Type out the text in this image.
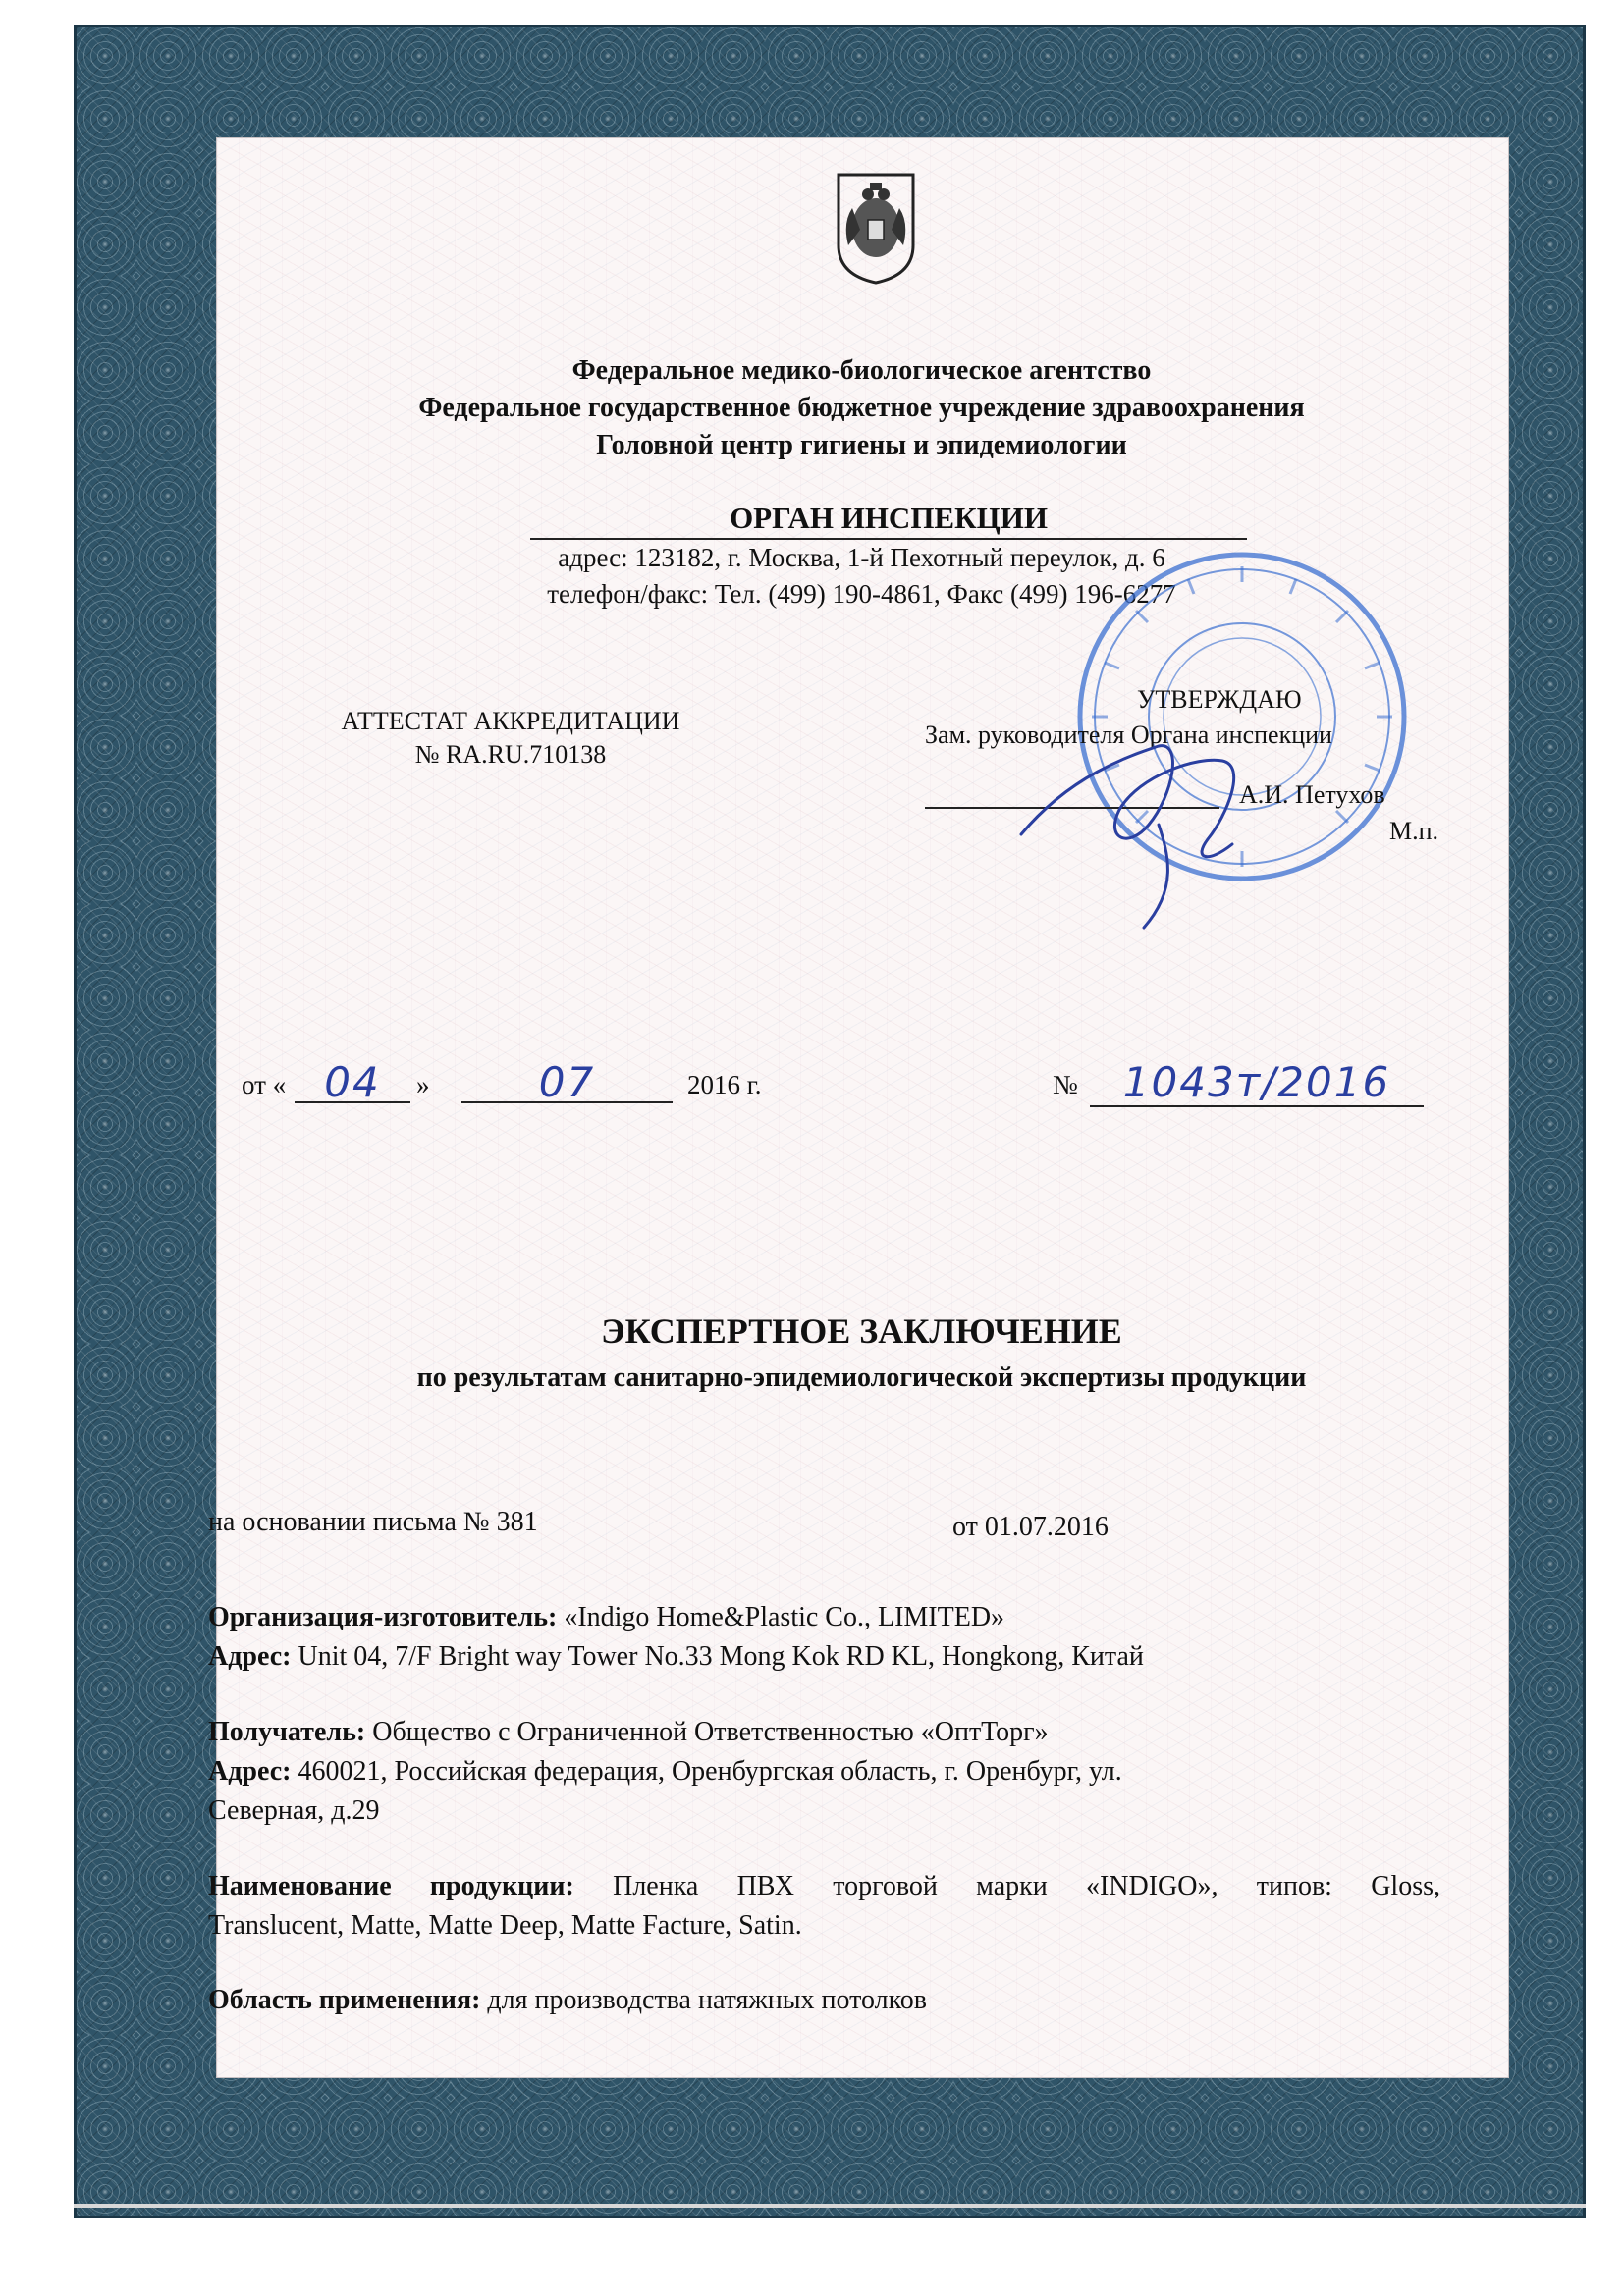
Федеральное медико-биологическое агентство
Федеральное государственное бюджетное учреждение здравоохранения
Головной центр гигиены и эпидемиологии
ОРГАН ИНСПЕКЦИИ
адрес: 123182, г. Москва, 1-й Пехотный переулок, д. 6
телефон/факс: Тел. (499) 190-4861, Факс (499) 196-6277
АТТЕСТАТ АККРЕДИТАЦИИ
№ RA.RU.710138
УТВЕРЖДАЮ
Зам. руководителя Органа инспекции
А.И. Петухов
М.п.
от « 04	»	07	2016 г.	№	1043т/2016
ЭКСПЕРТНОЕ ЗАКЛЮЧЕНИЕ
по результатам санитарно-эпидемиологической экспертизы продукции
на основании письма № 381	от 01.07.2016
Организация-изготовитель: «Indigo Home&Plastic Co., LIMITED»
Адрес: Unit 04, 7/F Bright way Tower No.33 Mong Kok RD KL, Hongkong, Китай
Получатель: Общество с Ограниченной Ответственностью «ОптТорг»
Адрес: 460021, Российская федерация, Оренбургская область, г. Оренбург, ул.
Северная, д.29
Наименование продукции: Пленка ПВХ торговой марки «INDIGO», типов: Gloss,
Translucent, Matte, Matte Deep, Matte Facture, Satin.
Область применения: для производства натяжных потолков
